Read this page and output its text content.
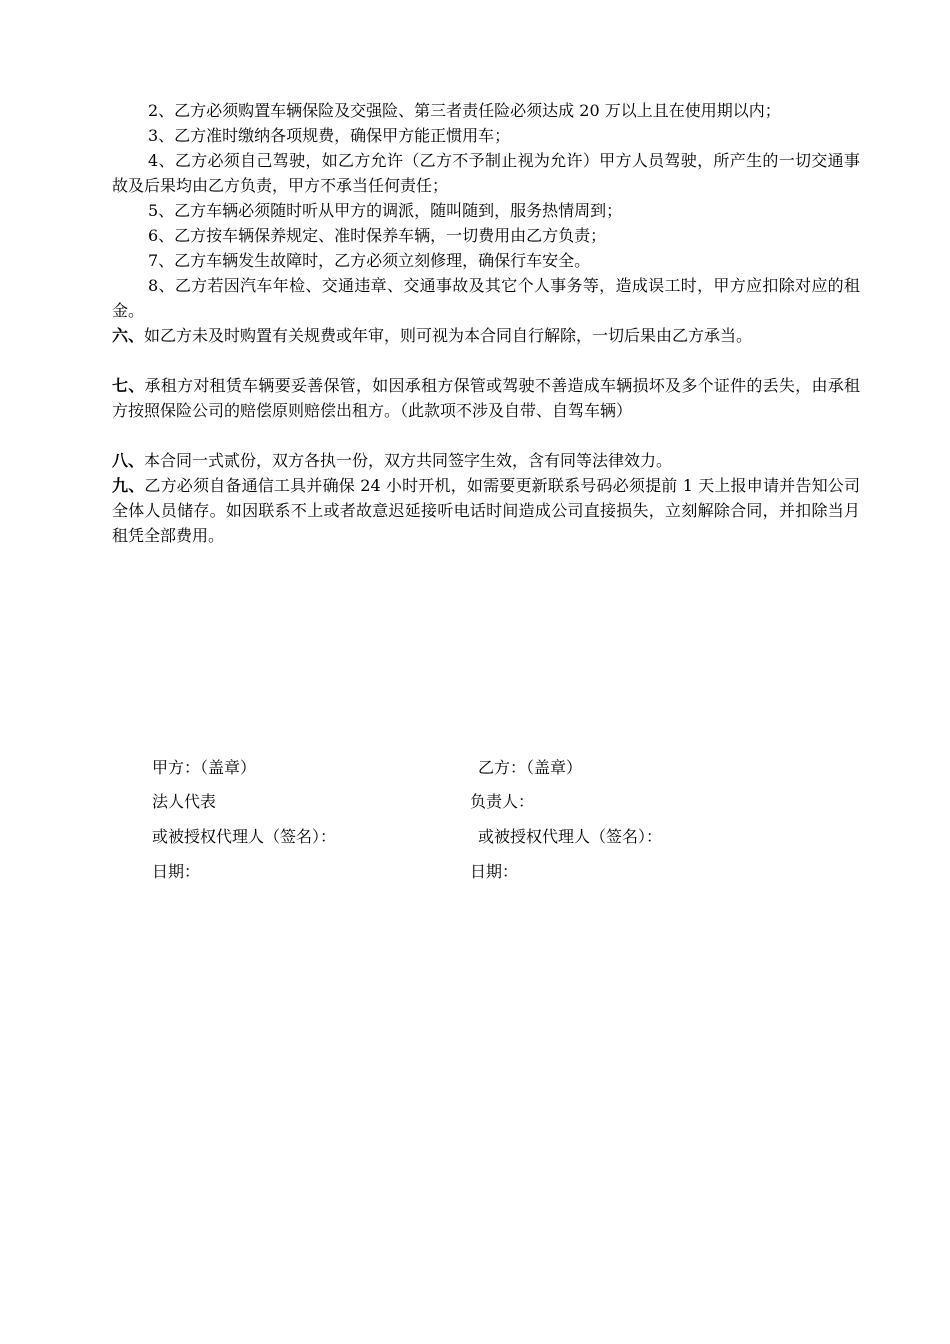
2、乙方必须购置车辆保险及交强险、第三者责任险必须达成 20 万以上且在使用期以内；

3、乙方准时缴纳各项规费，确保甲方能正惯用车；

4、乙方必须自己驾驶，如乙方允许（乙方不予制止视为允许）甲方人员驾驶，所产生的一切交通事故及后果均由乙方负责，甲方不承当任何责任；

5、乙方车辆必须随时听从甲方的调派，随叫随到，服务热情周到；

6、乙方按车辆保养规定、准时保养车辆，一切费用由乙方负责；

7、乙方车辆发生故障时，乙方必须立刻修理，确保行车安全。

8、乙方若因汽车年检、交通违章、交通事故及其它个人事务等，造成误工时，甲方应扣除对应的租金。

六、如乙方未及时购置有关规费或年审，则可视为本合同自行解除，一切后果由乙方承当。

七、承租方对租赁车辆要妥善保管，如因承租方保管或驾驶不善造成车辆损坏及多个证件的丢失，由承租方按照保险公司的赔偿原则赔偿出租方。（此款项不涉及自带、自驾车辆）

八、本合同一式贰份，双方各执一份，双方共同签字生效，含有同等法律效力。

九、乙方必须自备通信工具并确保 24 小时开机，如需要更新联系号码必须提前 1 天上报申请并告知公司全体人员储存。如因联系不上或者故意迟延接听电话时间造成公司直接损失，立刻解除合同，并扣除当月租凭全部费用。

甲方：（盖章）	乙方：（盖章）
法人代表	负责人：
或被授权代理人（签名）：	或被授权代理人（签名）：
日期：	日期：
